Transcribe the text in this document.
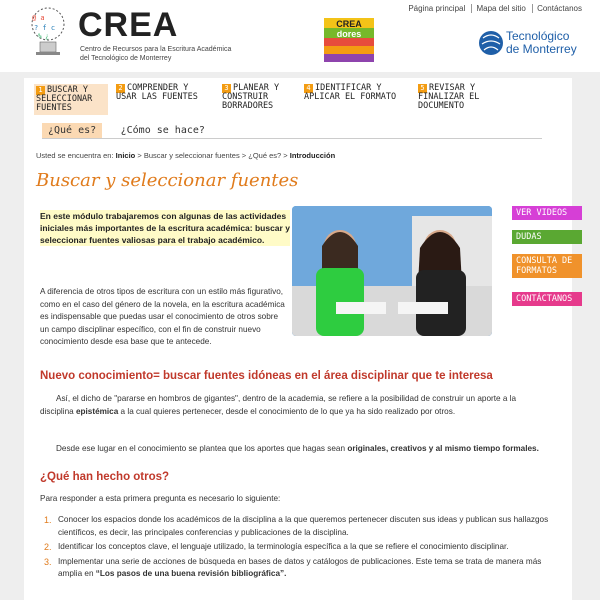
@ a
? f c
% ¿ CREA
Centro de Recursos para la Escritura Académica
del Tecnológico de Monterrey
CREA
dores	Tecnológico
de Monterrey
Página principal Mapa del sitio Contáctanos
1 BUSCAR Y SELECCIONAR FUENTES
2 COMPRENDER Y USAR LAS FUENTES
3 PLANEAR Y CONSTRUIR BORRADORES
4 IDENTIFICAR Y APLICAR EL FORMATO
5 REVISAR Y FINALIZAR EL DOCUMENTO
¿Qué es? ¿Cómo se hace?
Usted se encuentra en: Inicio > Buscar y seleccionar fuentes > ¿Qué es? > Introducción
Buscar y seleccionar fuentes
En este módulo trabajaremos con algunas de las actividades iniciales más importantes de la escritura académica: buscar y seleccionar fuentes valiosas para el trabajo académico.
A diferencia de otros tipos de escritura con un estilo más figurativo, como en el caso del género de la novela, en la escritura académica es indispensable que puedas usar el conocimiento de otros sobre un campo disciplinar específico, con el fin de construir nuevo conocimiento desde esa base que te antecede.
VER VIDEOS
DUDAS
CONSULTA DE FORMATOS
CONTÁCTANOS
Nuevo conocimiento= buscar fuentes idóneas en el área disciplinar que te interesa
Así, el dicho de "pararse en hombros de gigantes", dentro de la academia, se refiere a la posibilidad de construir un aporte a la disciplina epistémica a la cual quieres pertenecer, desde el conocimiento de lo que ya ha sido realizado por otros.
Desde ese lugar en el conocimiento se plantea que los aportes que hagas sean originales, creativos y al mismo tiempo formales.
¿Qué han hecho otros?
Para responder a esta primera pregunta es necesario lo siguiente:
1. Conocer los espacios donde los académicos de la disciplina a la que queremos pertenecer discuten sus ideas y publican sus hallazgos científicos, es decir, las principales conferencias y publicaciones de la disciplina.
2. Identificar los conceptos clave, el lenguaje utilizado, la terminología específica a la que se refiere el conocimiento disciplinar.
3. Implementar una serie de acciones de búsqueda en bases de datos y catálogos de publicaciones. Este tema se trata de manera más amplia en “Los pasos de una buena revisión bibliográfica”.
